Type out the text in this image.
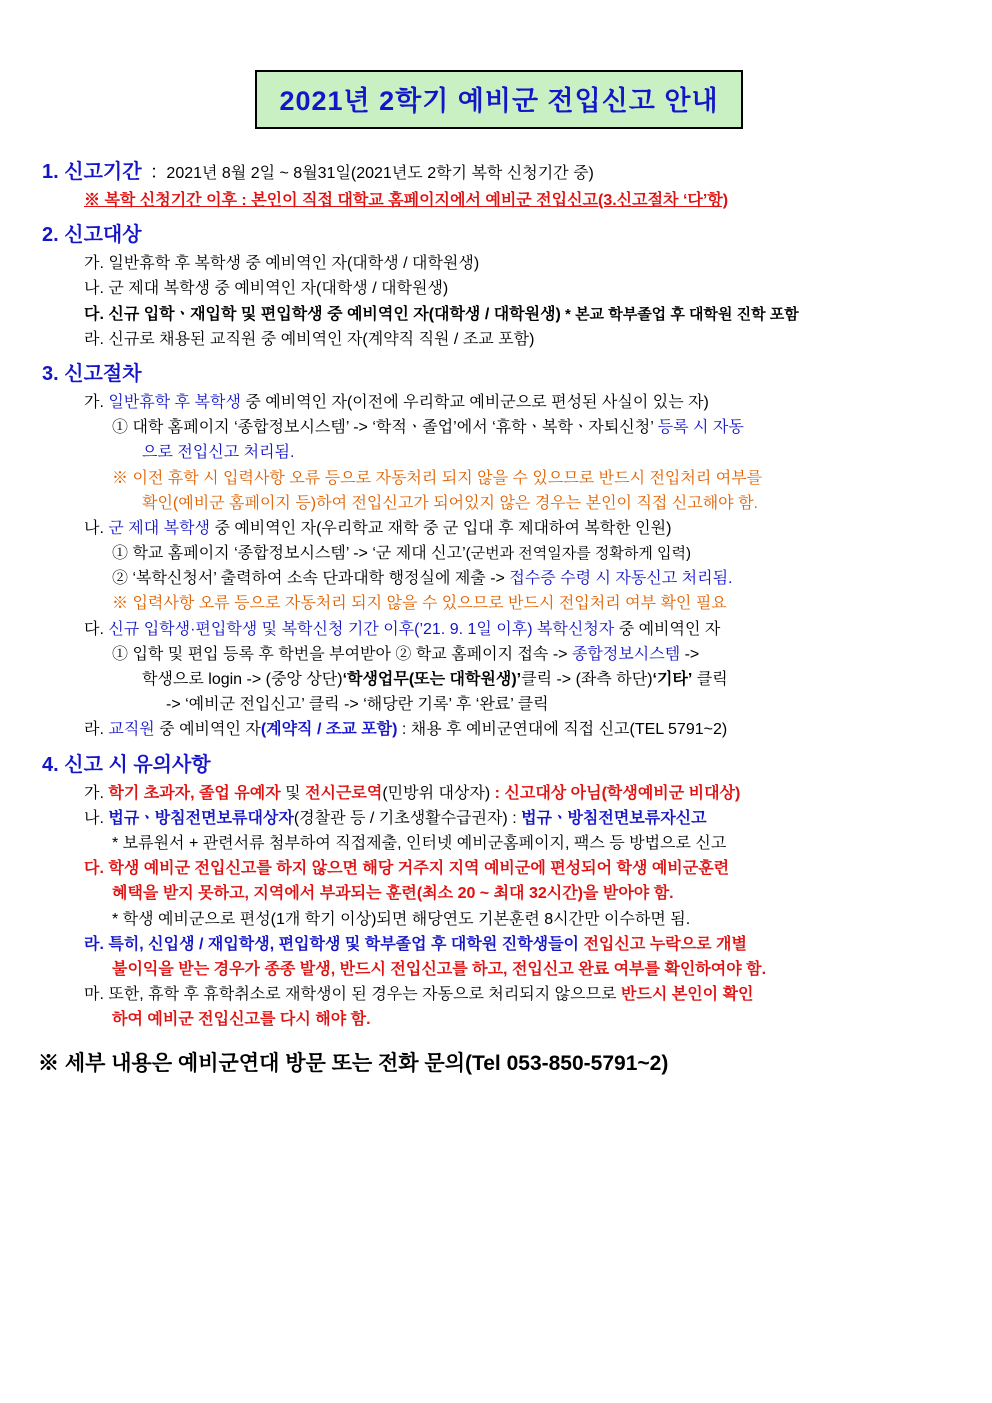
2021년 2학기 예비군 전입신고 안내
1. 신고기간 ： 2021년 8월 2일 ~ 8월31일(2021년도 2학기 복학 신청기간 중)
※ 복학 신청기간 이후 : 본인이 직접 대학교 홈페이지에서 예비군 전입신고(3.신고절차 ‘다’항)
2. 신고대상
가. 일반휴학 후 복학생 중 예비역인 자(대학생 / 대학원생)
나. 군 제대 복학생 중 예비역인 자(대학생 / 대학원생)
다. 신규 입학ㆍ재입학 및 편입학생 중 예비역인 자(대학생 / 대학원생) * 본교 학부졸업 후 대학원 진학 포함
라. 신규로 채용된 교직원 중 예비역인 자(계약직 직원 / 조교 포함)
3. 신고절차
가. 일반휴학 후 복학생 중 예비역인 자(이전에 우리학교 예비군으로 편성된 사실이 있는 자)
① 대학 홈페이지 ‘종합정보시스템’ -> ‘학적ㆍ졸업’에서 ‘휴학ㆍ복학ㆍ자퇴신청’ 등록 시 자동
으로 전입신고 처리됨.
※ 이전 휴학 시 입력사항 오류 등으로 자동처리 되지 않을 수 있으므로 반드시 전입처리 여부를
확인(예비군 홈페이지 등)하여 전입신고가 되어있지 않은 경우는 본인이 직접 신고해야 함.
나. 군 제대 복학생 중 예비역인 자(우리학교 재학 중 군 입대 후 제대하여 복학한 인원)
① 학교 홈페이지 ‘종합정보시스템’ -> ‘군 제대 신고’(군번과 전역일자를 정확하게 입력)
② ‘복학신청서’ 출력하여 소속 단과대학 행정실에 제출 -> 접수증 수령 시 자동신고 처리됨.
※ 입력사항 오류 등으로 자동처리 되지 않을 수 있으므로 반드시 전입처리 여부 확인 필요
다. 신규 입학생·편입학생 및 복학신청 기간 이후(’21. 9. 1일 이후) 복학신청자 중 예비역인 자
① 입학 및 편입 등록 후 학번을 부여받아 ② 학교 홈페이지 접속 -> 종합정보시스템 ->
학생으로 login -> (중앙 상단)‘학생업무(또는 대학원생)’클릭 -> (좌측 하단)‘기타’ 클릭
-> ‘예비군 전입신고’ 클릭 -> ‘해당란 기록’ 후 ‘완료’ 클릭
라. 교직원 중 예비역인 자(계약직 / 조교 포함) : 채용 후 예비군연대에 직접 신고(TEL 5791~2)
4. 신고 시 유의사항
가. 학기 초과자, 졸업 유예자 및 전시근로역(민방위 대상자) : 신고대상 아님(학생예비군 비대상)
나. 법규ㆍ방침전면보류대상자(경찰관 등 / 기초생활수급권자) : 법규ㆍ방침전면보류자신고
* 보류원서 + 관련서류 첨부하여 직접제출, 인터넷 예비군홈페이지, 팩스 등 방법으로 신고
다. 학생 예비군 전입신고를 하지 않으면 해당 거주지 지역 예비군에 편성되어 학생 예비군훈련
혜택을 받지 못하고, 지역에서 부과되는 훈련(최소 20 ~ 최대 32시간)을 받아야 함.
* 학생 예비군으로 편성(1개 학기 이상)되면 해당연도 기본훈련 8시간만 이수하면 됨.
라. 특히, 신입생 / 재입학생, 편입학생 및 학부졸업 후 대학원 진학생들이 전입신고 누락으로 개별
불이익을 받는 경우가 종종 발생, 반드시 전입신고를 하고, 전입신고 완료 여부를 확인하여야 함.
마. 또한, 휴학 후 휴학취소로 재학생이 된 경우는 자동으로 처리되지 않으므로 반드시 본인이 확인
하여 예비군 전입신고를 다시 해야 함.
※ 세부 내용은 예비군연대 방문 또는 전화 문의(Tel 053-850-5791~2)
